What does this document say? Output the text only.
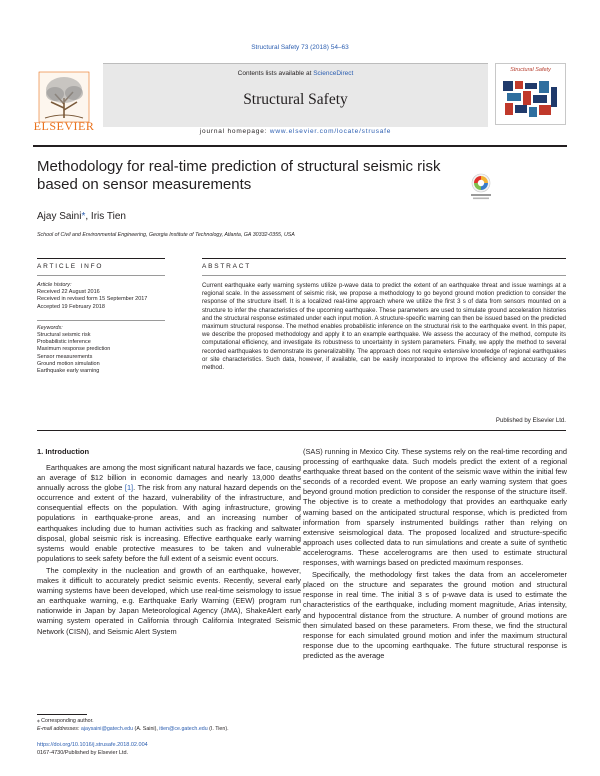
Structural Safety 73 (2018) 54–63
ELSEVIER
Contents lists available at ScienceDirect
Structural Safety
journal homepage: www.elsevier.com/locate/strusafe
Structural Safety
Methodology for real-time prediction of structural seismic risk based on sensor measurements
Ajay Saini*, Iris Tien
School of Civil and Environmental Engineering, Georgia Institute of Technology, Atlanta, GA 30332-0355, USA
ARTICLE INFO	ABSTRACT
Article history:
Received 22 August 2016
Received in revised form 15 September 2017
Accepted 19 February 2018
Keywords:
Structural seismic risk
Probabilistic inference
Maximum response prediction
Sensor measurements
Ground motion simulation
Earthquake early warning
Current earthquake early warning systems utilize p-wave data to predict the extent of an earthquake threat and issue warnings at a regional scale. In the assessment of seismic risk, we propose a methodology to go beyond ground motion prediction to consider the response of the structure itself. It is a localized real-time approach where we utilize the first 3 s of data from sensors mounted on a structure to infer the characteristics of the upcoming earthquake. These parameters are used to simulate ground acceleration histories and the structural response estimated under each input motion. A structure-specific warning can then be issued based on the predicted maximum structural response. The method enables probabilistic inference on the structural risk to the earthquake event. In this paper, we describe the proposed methodology and apply it to an example earthquake. We assess the accuracy of the method, compute its computational efficiency, and investigate its robustness to uncertainty in system parameters. Finally, we apply the method to several recorded earthquakes to demonstrate its generalizability. The approach does not require extensive knowledge of regional earthquakes or site characteristics. Such data, however, if available, can be easily incorporated to improve the efficiency and accuracy of the method.
Published by Elsevier Ltd.
1. Introduction

Earthquakes are among the most significant natural hazards we face, causing an average of $12 billion in economic damages and nearly 13,000 deaths annually across the globe [1]. The risk from any natural hazard depends on the occurrence and extent of the hazard, vulnerability of the infrastructure, and consequential effects on the population. With aging infrastructure, growing populations in earthquake-prone areas, and an increasing number of earthquakes including due to human activities such as fracking and saltwater disposal, global seismic risk is increasing. Effective earthquake early warning systems would enable protective measures to be taken and vulnerable populations to seek safety before the full extent of a seismic event occurs.

The complexity in the nucleation and growth of an earthquake, however, makes it difficult to accurately predict seismic events. Recently, several early warning systems have been developed, which use real-time seismology to issue an earthquake warning, e.g. Earthquake Early Warning (EEW) program run nationwide in Japan by Japan Meteorological Agency (JMA), ShakeAlert early warning system operated in California through California Integrated Seismic Network (CISN), and Seismic Alert System

(SAS) running in Mexico City. These systems rely on the real-time recording and processing of earthquake data. Such models predict the extent of a regional earthquake threat based on the content of the seismic wave within the initial few seconds of a recorded event. We propose an early warning system that goes beyond ground motion prediction to consider the response of the structure itself. The objective is to create a methodology that provides an earthquake early warning based on the anticipated structural response, which is predicted from information from sparsely instrumented buildings rather than relying on extensive seismological data. The proposed localized and structure-specific approach uses collected data to run simulations and create a suite of synthetic accelerograms. These accelerograms are then used to estimate structural responses, with warnings based on predicted maximum responses.

Specifically, the methodology first takes the data from an accelerometer placed on the structure and separates the ground motion and structural response in real time. The initial 3 s of p-wave data is used to estimate the characteristics of the earthquake, including moment magnitude, Arias intensity, and hypocentral distance from the structure. A number of ground motions are then simulated based on these parameters. From these, we find the structural response for each simulated ground motion and infer the maximum structural response due to the upcoming earthquake. The future structural response is predicted as the average

⁎ Corresponding author.
E-mail addresses: ajaysaini@gatech.edu (A. Saini), itien@ce.gatech.edu (I. Tien).
https://doi.org/10.1016/j.strusafe.2018.02.004
0167-4730/Published by Elsevier Ltd.
